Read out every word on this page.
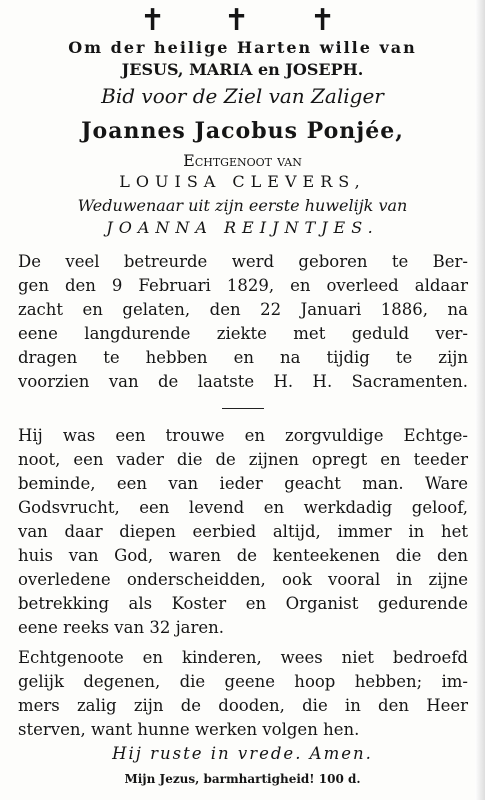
✝ ✝ ✝
Om der heilige Harten wille van
JESUS, MARIA en JOSEPH.
Bid voor de Ziel van Zaliger
Joannes Jacobus Ponjée,
Echtgenoot van
LOUISA CLEVERS,
Weduwenaar uit zijn eerste huwelijk van
JOANNA REIJNTJES.
De veel betreurde werd geboren te Ber-
gen den 9 Februari 1829, en overleed aldaar
zacht en gelaten, den 22 Januari 1886, na
eene langdurende ziekte met geduld ver-
dragen te hebben en na tijdig te zijn
voorzien van de laatste H. H. Sacramenten.
Hij was een trouwe en zorgvuldige Echtge-
noot, een vader die de zijnen opregt en teeder
beminde, een van ieder geacht man. Ware
Godsvrucht, een levend en werkdadig geloof,
van daar diepen eerbied altijd, immer in het
huis van God, waren de kenteekenen die den
overledene onderscheidden, ook vooral in zijne
betrekking als Koster en Organist gedurende
eene reeks van 32 jaren.
Echtgenoote en kinderen, wees niet bedroefd
gelijk degenen, die geene hoop hebben; im-
mers zalig zijn de dooden, die in den Heer
sterven, want hunne werken volgen hen.
Hij ruste in vrede. Amen.
Mijn Jezus, barmhartigheid! 100 d.
